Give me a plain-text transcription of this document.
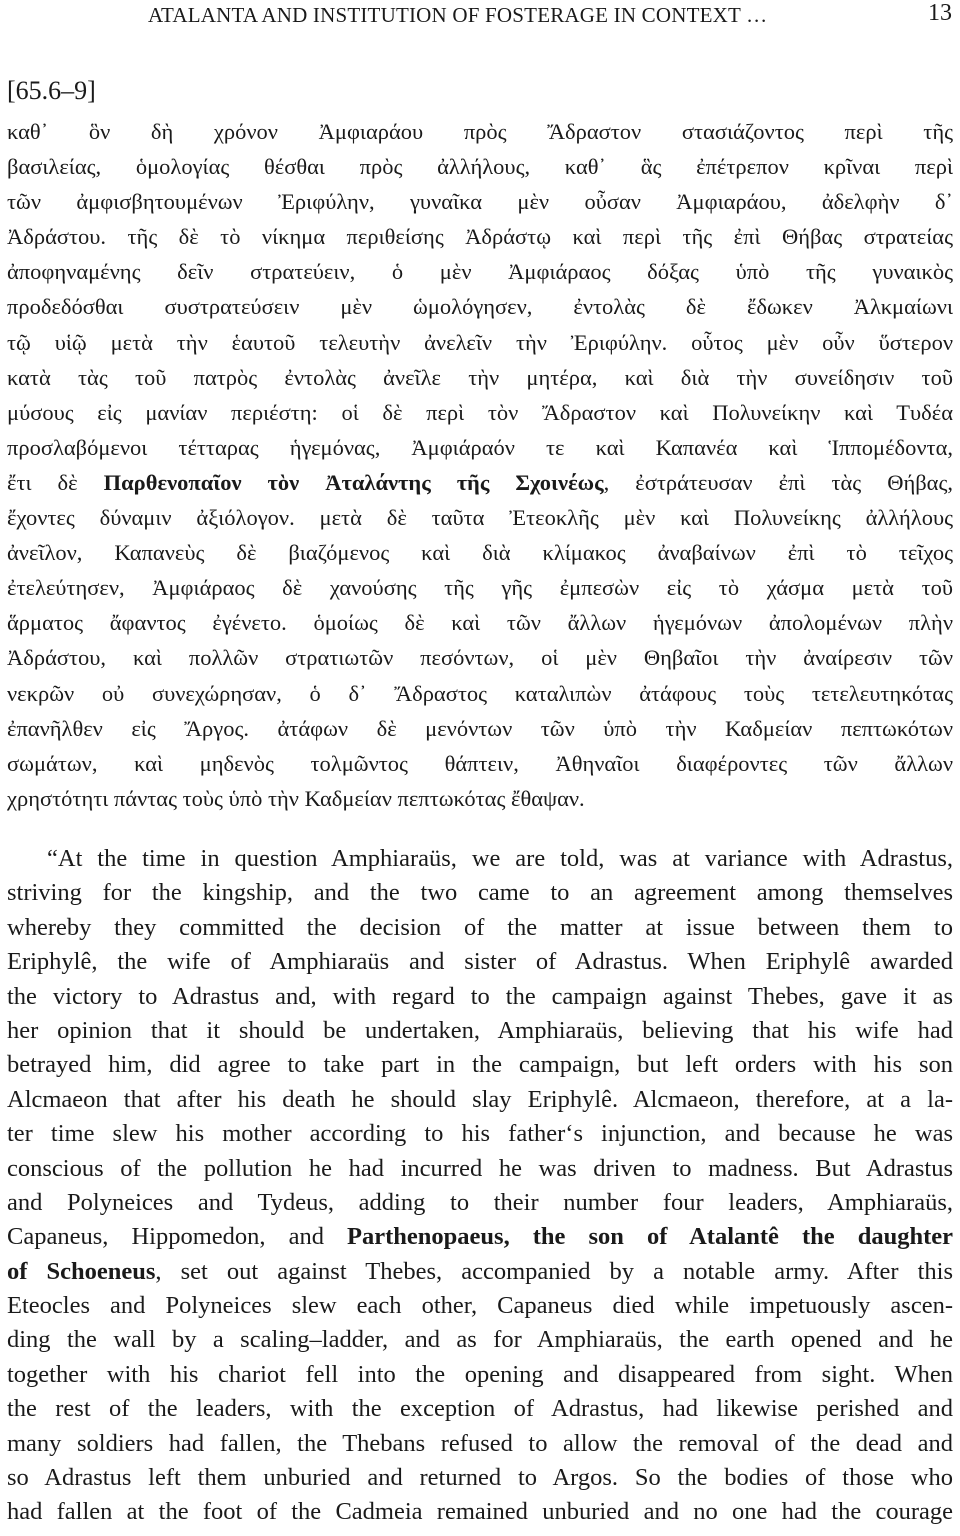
ATALANTA AND INSTITUTION OF FOSTERAGE IN CONTEXT …	13
[65.6–9]
καθ᾽ ὃν δὴ χρόνον Ἀμφιαράου πρὸς Ἄδραστον στασιάζοντος περὶ τῆς
βασιλείας, ὁμολογίας θέσθαι πρὸς ἀλλήλους, καθ᾽ ἃς ἐπέτρεπον κρῖναι περὶ
τῶν ἀμφισβητουμένων Ἐριφύλην, γυναῖκα μὲν οὖσαν Ἀμφιαράου, ἀδελφὴν δ᾽
Ἀδράστου. τῆς δὲ τὸ νίκημα περιθείσης Ἀδράστῳ καὶ περὶ τῆς ἐπὶ Θήβας στρατείας
ἀποφηναμένης δεῖν στρατεύειν, ὁ μὲν Ἀμφιάραος δόξας ὑπὸ τῆς γυναικὸς
προδεδόσθαι συστρατεύσειν μὲν ὡμολόγησεν, ἐντολὰς δὲ ἔδωκεν Ἀλκμαίωνι
τῷ υἱῷ μετὰ τὴν ἑαυτοῦ τελευτὴν ἀνελεῖν τὴν Ἐριφύλην. οὗτος μὲν οὖν ὕστερον
κατὰ τὰς τοῦ πατρὸς ἐντολὰς ἀνεῖλε τὴν μητέρα, καὶ διὰ τὴν συνείδησιν τοῦ
μύσους εἰς μανίαν περιέστη: οἱ δὲ περὶ τὸν Ἄδραστον καὶ Πολυνείκην καὶ Τυδέα
προσλαβόμενοι τέτταρας ἡγεμόνας, Ἀμφιάραόν τε καὶ Καπανέα καὶ Ἱππομέδοντα,
ἔτι δὲ Παρθενοπαῖον τὸν Ἀταλάντης τῆς Σχοινέως, ἐστράτευσαν ἐπὶ τὰς Θήβας,
ἔχοντες δύναμιν ἀξιόλογον. μετὰ δὲ ταῦτα Ἐτεοκλῆς μὲν καὶ Πολυνείκης ἀλλήλους
ἀνεῖλον, Καπανεὺς δὲ βιαζόμενος καὶ διὰ κλίμακος ἀναβαίνων ἐπὶ τὸ τεῖχος
ἐτελεύτησεν, Ἀμφιάραος δὲ χανούσης τῆς γῆς ἐμπεσὼν εἰς τὸ χάσμα μετὰ τοῦ
ἅρματος ἄφαντος ἐγένετο. ὁμοίως δὲ καὶ τῶν ἄλλων ἡγεμόνων ἀπολομένων πλὴν
Ἀδράστου, καὶ πολλῶν στρατιωτῶν πεσόντων, οἱ μὲν Θηβαῖοι τὴν ἀναίρεσιν τῶν
νεκρῶν οὐ συνεχώρησαν, ὁ δ᾽ Ἄδραστος καταλιπὼν ἀτάφους τοὺς τετελευτηκότας
ἐπανῆλθεν εἰς Ἄργος. ἀτάφων δὲ μενόντων τῶν ὑπὸ τὴν Καδμείαν πεπτωκότων
σωμάτων, καὶ μηδενὸς τολμῶντος θάπτειν, Ἀθηναῖοι διαφέροντες τῶν ἄλλων
χρηστότητι πάντας τοὺς ὑπὸ τὴν Καδμείαν πεπτωκότας ἔθαψαν.
“At the time in question Amphiaraüs, we are told, was at variance with Adrastus,
striving for the kingship, and the two came to an agreement among themselves
whereby they committed the decision of the matter at issue between them to
Eriphylê, the wife of Amphiaraüs and sister of Adrastus. When Eriphylê awarded
the victory to Adrastus and, with regard to the campaign against Thebes, gave it as
her opinion that it should be undertaken, Amphiaraüs, believing that his wife had
betrayed him, did agree to take part in the campaign, but left orders with his son
Alcmaeon that after his death he should slay Eriphylê. Alcmaeon, therefore, at a la-
ter time slew his mother according to his father‘s injunction, and because he was
conscious of the pollution he had incurred he was driven to madness. But Adrastus
and Polyneices and Tydeus, adding to their number four leaders, Amphiaraüs,
Capaneus, Hippomedon, and Parthenopaeus, the son of Atalantê the daughter
of Schoeneus, set out against Thebes, accompanied by a notable army. After this
Eteocles and Polyneices slew each other, Capaneus died while impetuously ascen-
ding the wall by a scaling–ladder, and as for Amphiaraüs, the earth opened and he
together with his chariot fell into the opening and disappeared from sight. When
the rest of the leaders, with the exception of Adrastus, had likewise perished and
many soldiers had fallen, the Thebans refused to allow the removal of the dead and
so Adrastus left them unburied and returned to Argos. So the bodies of those who
had fallen at the foot of the Cadmeia remained unburied and no one had the courage
